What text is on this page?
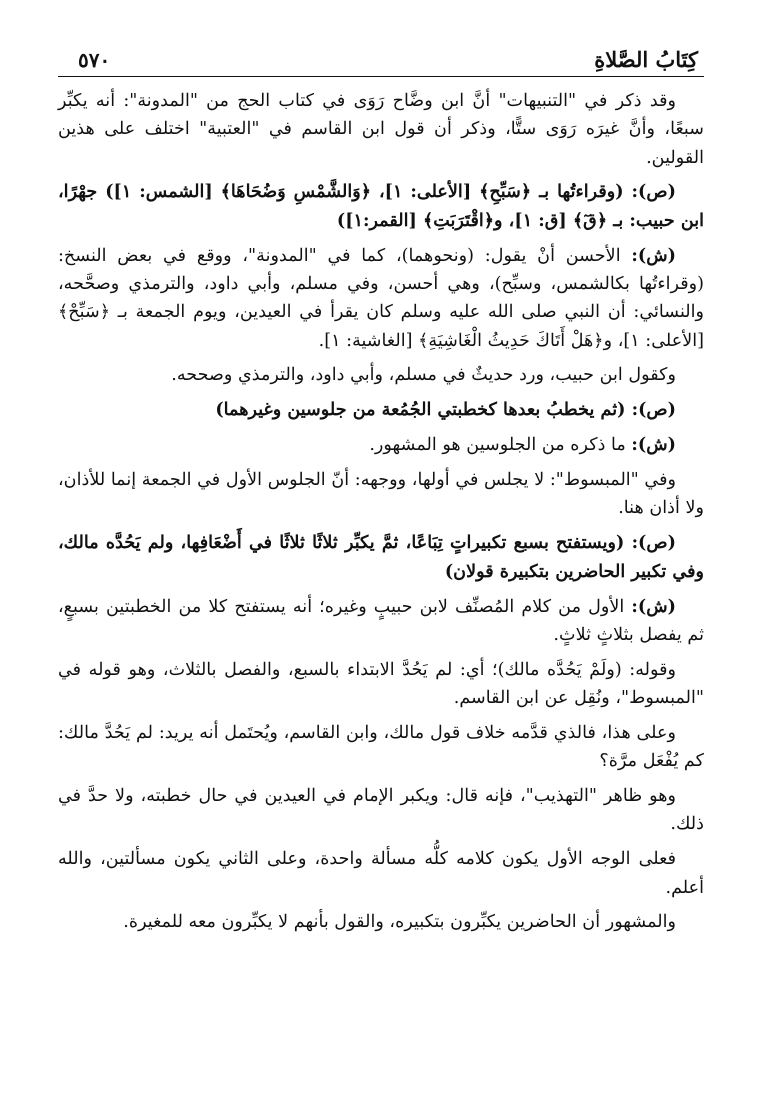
كِتَابُ الصَّلاةِ
٥٧٠

وقد ذكر في "التنبيهات" أنَّ ابن وضَّاح رَوَى في كتاب الحج من "المدونة": أنه يكبِّر سبعًا، وأنَّ غيرَه رَوَى ستًّا، وذكر أن قول ابن القاسم في "العتبية" اختلف على هذين القولين.

(ص): (وقراءتُها بـ ﴿سَبِّحِ﴾ [الأعلى: ١]، ﴿وَالشَّمْسِ وَضُحَاهَا﴾ [الشمس: ١]) جهْرًا، ابن حبيب: بـ ﴿قٓ﴾ [ق: ١]، و﴿اقْتَرَبَتِ﴾ [القمر:١])

(ش): الأحسن أنْ يقول: (ونحوهما)، كما في "المدونة"، ووقع في بعض النسخ: (وقراءتُها بكالشمس، وسبِّح)، وهي أحسن، وفي مسلم، وأبي داود، والترمذي وصحَّحه، والنسائي: أن النبي صلى الله عليه وسلم كان يقرأ في العيدين، ويوم الجمعة بـ ﴿سَبِّحْ﴾ [الأعلى: ١]، و﴿هَلْ أَتَاكَ حَدِيثُ الْغَاشِيَةِ﴾ [الغاشية: ١].

وكقول ابن حبيب، ورد حديثٌ في مسلم، وأبي داود، والترمذي وصححه.

(ص): (ثم يخطبُ بعدها كخطبتي الجُمُعة من جلوسين وغيرهما)

(ش): ما ذكره من الجلوسين هو المشهور.

وفي "المبسوط": لا يجلس في أولها، ووجهه: أنّ الجلوس الأول في الجمعة إنما للأذان، ولا أذان هنا.

(ص): (ويستفتح بسبع تكبيراتٍ تِبَاعًا، ثمَّ يكبِّر ثلاثًا ثلاثًا في أَضْعَافِها، ولم يَحُدَّه مالك، وفي تكبير الحاضرين بتكبيرة قولان)

(ش): الأول من كلام المُصنِّف لابن حبيبٍ وغيره؛ أنه يستفتح كلا من الخطبتين بسبعٍ، ثم يفصل بثلاثٍ ثلاثٍ.

وقوله: (ولَمْ يَحُدَّه مالك)؛ أي: لم يَحُدَّ الابتداء بالسبع، والفصل بالثلاث، وهو قوله في "المبسوط"، ونُقِل عن ابن القاسم.

وعلى هذا، فالذي قدَّمه خلاف قول مالك، وابن القاسم، ويُحتَمل أنه يريد: لم يَحُدَّ مالك: كم يُفْعَل مرَّة؟

وهو ظاهر "التهذيب"، فإنه قال: ويكبر الإمام في العيدين في حال خطبته، ولا حدَّ في ذلك.

فعلى الوجه الأول يكون كلامه كلُّه مسألة واحدة، وعلى الثاني يكون مسألتين، والله أعلم.

والمشهور أن الحاضرين يكبِّرون بتكبيره، والقول بأنهم لا يكبِّرون معه للمغيرة.
